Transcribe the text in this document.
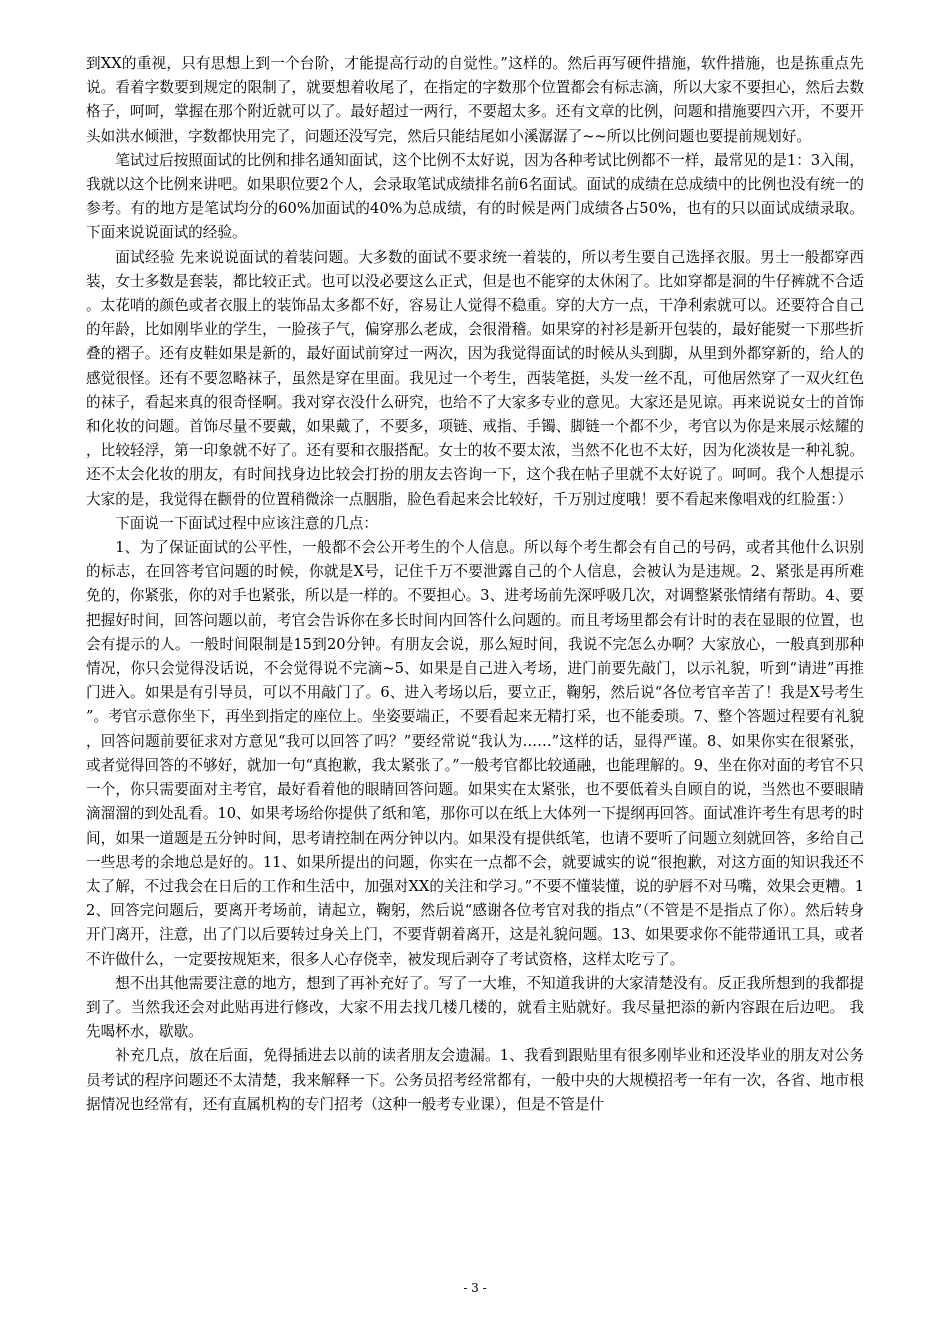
到XX的重视，只有思想上到一个台阶，才能提高行动的自觉性。”这样的。然后再写硬件措施，软件措施，也是拣重点先说。看着字数要到规定的限制了，就要想着收尾了，在指定的字数那个位置都会有标志滴，所以大家不要担心，然后去数格子，呵呵，掌握在那个附近就可以了。最好超过一两行，不要超太多。还有文章的比例，问题和措施要四六开，不要开头如洪水倾泄，字数都快用完了，问题还没写完，然后只能结尾如小溪潺潺了~~所以比例问题也要提前规划好。

笔试过后按照面试的比例和排名通知面试，这个比例不太好说，因为各种考试比例都不一样，最常见的是1：3入闱，我就以这个比例来讲吧。如果职位要2个人，会录取笔试成绩排名前6名面试。面试的成绩在总成绩中的比例也没有统一的参考。有的地方是笔试均分的60%加面试的40%为总成绩，有的时候是两门成绩各占50%，也有的只以面试成绩录取。下面来说说面试的经验。

面试经验 先来说说面试的着装问题。大多数的面试不要求统一着装的，所以考生要自己选择衣服。男士一般都穿西装，女士多数是套装，都比较正式。也可以没必要这么正式，但是也不能穿的太休闲了。比如穿都是洞的牛仔裤就不合适。太花哨的颜色或者衣服上的装饰品太多都不好，容易让人觉得不稳重。穿的大方一点，干净利索就可以。还要符合自己的年龄，比如刚毕业的学生，一脸孩子气，偏穿那么老成，会很滑稽。如果穿的衬衫是新开包装的，最好能熨一下那些折叠的褶子。还有皮鞋如果是新的，最好面试前穿过一两次，因为我觉得面试的时候从头到脚，从里到外都穿新的，给人的感觉很怪。还有不要忽略袜子，虽然是穿在里面。我见过一个考生，西装笔挺，头发一丝不乱，可他居然穿了一双火红色的袜子，看起来真的很奇怪啊。我对穿衣没什么研究，也给不了大家多专业的意见。大家还是见谅。再来说说女士的首饰和化妆的问题。首饰尽量不要戴，如果戴了，不要多，项链、戒指、手镯、脚链一个都不少，考官以为你是来展示炫耀的，比较轻浮，第一印象就不好了。还有要和衣服搭配。女士的妆不要太浓，当然不化也不太好，因为化淡妆是一种礼貌。还不太会化妆的朋友，有时间找身边比较会打扮的朋友去咨询一下，这个我在帖子里就不太好说了。呵呵。我个人想提示大家的是，我觉得在颧骨的位置稍微涂一点胭脂，脸色看起来会比较好，千万别过度哦！要不看起来像唱戏的红脸蛋：）

下面说一下面试过程中应该注意的几点：

1、为了保证面试的公平性，一般都不会公开考生的个人信息。所以每个考生都会有自己的号码，或者其他什么识别的标志，在回答考官问题的时候，你就是X号，记住千万不要泄露自己的个人信息，会被认为是违规。2、紧张是再所难免的，你紧张，你的对手也紧张，所以是一样的。不要担心。3、进考场前先深呼吸几次，对调整紧张情绪有帮助。4、要把握好时间，回答问题以前，考官会告诉你在多长时间内回答什么问题的。而且考场里都会有计时的表在显眼的位置，也会有提示的人。一般时间限制是15到20分钟。有朋友会说，那么短时间，我说不完怎么办啊？大家放心，一般真到那种情况，你只会觉得没话说，不会觉得说不完滴~5、如果是自己进入考场，进门前要先敲门，以示礼貌，听到“请进”再推门进入。如果是有引导员，可以不用敲门了。6、进入考场以后，要立正，鞠躬，然后说“各位考官辛苦了！我是X号考生”。考官示意你坐下，再坐到指定的座位上。坐姿要端正，不要看起来无精打采，也不能委琐。7、整个答题过程要有礼貌，回答问题前要征求对方意见“我可以回答了吗？”要经常说“我认为……”这样的话，显得严谨。8、如果你实在很紧张，或者觉得回答的不够好，就加一句“真抱歉，我太紧张了。”一般考官都比较通融，也能理解的。9、坐在你对面的考官不只一个，你只需要面对主考官，最好看着他的眼睛回答问题。如果实在太紧张，也不要低着头自顾自的说，当然也不要眼睛滴溜溜的到处乱看。10、如果考场给你提供了纸和笔，那你可以在纸上大体列一下提纲再回答。面试准许考生有思考的时间，如果一道题是五分钟时间，思考请控制在两分钟以内。如果没有提供纸笔，也请不要听了问题立刻就回答，多给自己一些思考的余地总是好的。11、如果所提出的问题，你实在一点都不会，就要诚实的说“很抱歉，对这方面的知识我还不太了解，不过我会在日后的工作和生活中，加强对XX的关注和学习。”不要不懂装懂，说的驴唇不对马嘴，效果会更糟。12、回答完问题后，要离开考场前，请起立，鞠躬，然后说“感谢各位考官对我的指点”（不管是不是指点了你）。然后转身开门离开，注意，出了门以后要转过身关上门，不要背朝着离开，这是礼貌问题。13、如果要求你不能带通讯工具，或者不许做什么，一定要按规矩来，很多人心存侥幸，被发现后剥夺了考试资格，这样太吃亏了。

想不出其他需要注意的地方，想到了再补充好了。写了一大堆，不知道我讲的大家清楚没有。反正我所想到的我都提到了。当然我还会对此贴再进行修改，大家不用去找几楼几楼的，就看主贴就好。我尽量把添的新内容跟在后边吧。 我先喝杯水，歇歇。

补充几点，放在后面，免得插进去以前的读者朋友会遗漏。1、我看到跟贴里有很多刚毕业和还没毕业的朋友对公务员考试的程序问题还不太清楚，我来解释一下。公务员招考经常都有，一般中央的大规模招考一年有一次，各省、地市根据情况也经常有，还有直属机构的专门招考（这种一般考专业课），但是不管是什

- 3 -
